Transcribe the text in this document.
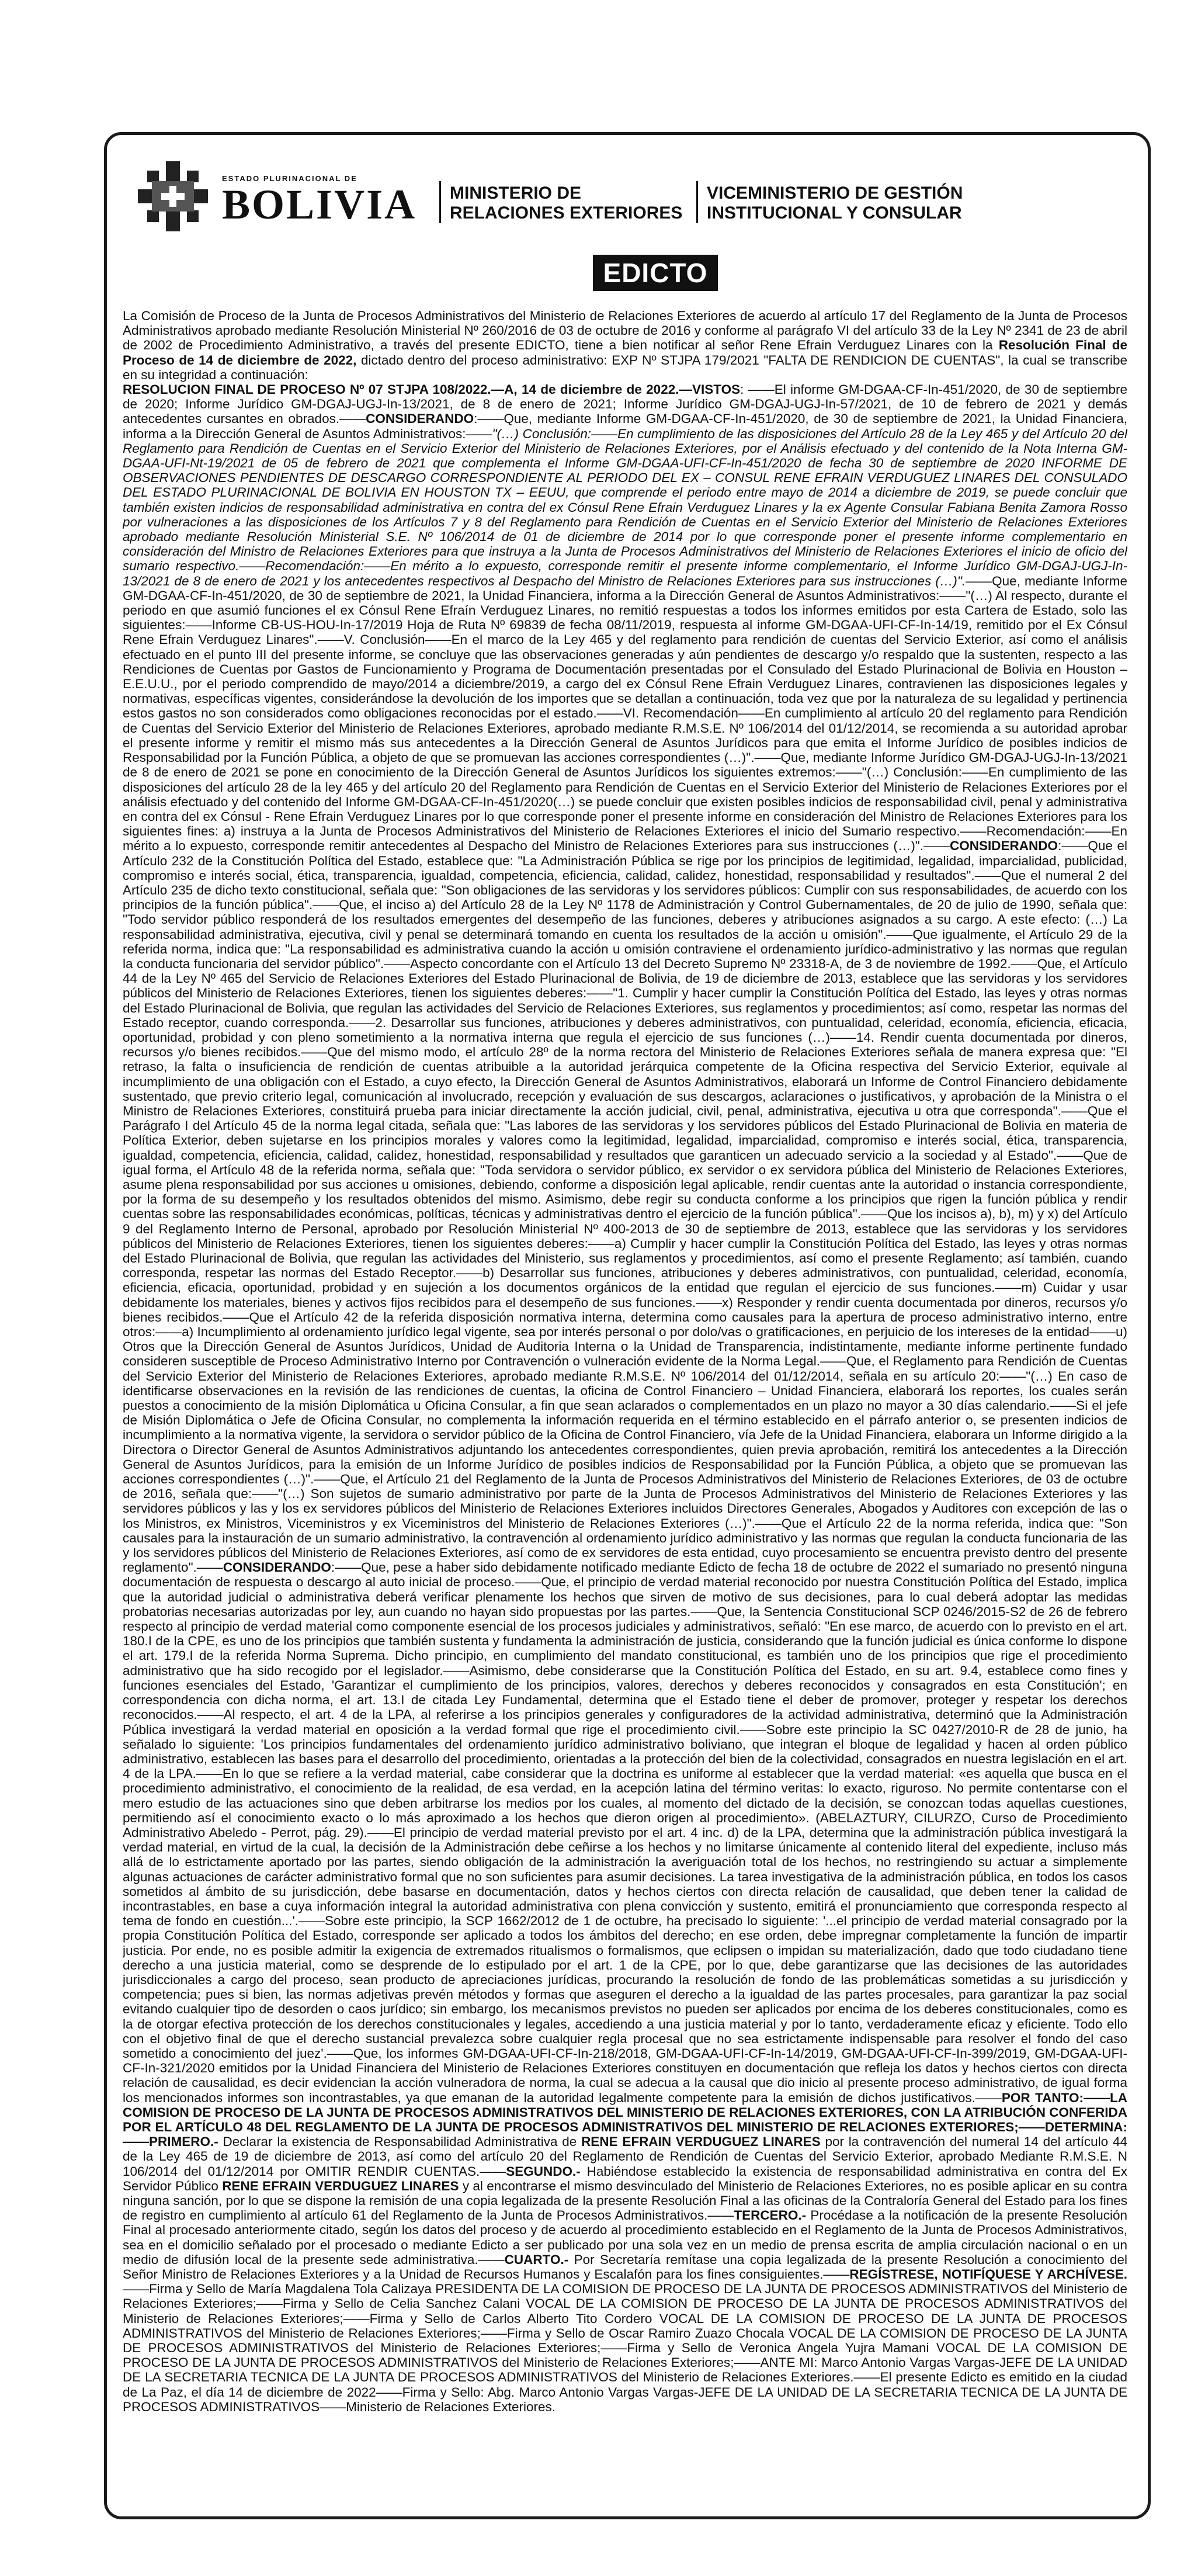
ESTADO PLURINACIONAL DE
BOLIVIA MINISTERIO DE
RELACIONES EXTERIORES
VICEMINISTERIO DE GESTIÓN
INSTITUCIONAL Y CONSULAR
EDICTO

La Comisión de Proceso de la Junta de Procesos Administrativos del Ministerio de Relaciones Exteriores de acuerdo al artículo 17 del Reglamento de la Junta de Procesos Administrativos aprobado mediante Resolución Ministerial Nº 260/2016 de 03 de octubre de 2016 y conforme al parágrafo VI del artículo 33 de la Ley Nº 2341 de 23 de abril de 2002 de Procedimiento Administrativo, a través del presente EDICTO, tiene a bien notificar al señor Rene Efrain Verduguez Linares con la Resolución Final de Proceso de 14 de diciembre de 2022, dictado dentro del proceso administrativo: EXP Nº STJPA 179/2021 "FALTA DE RENDICION DE CUENTAS", la cual se transcribe en su integridad a continuación:
RESOLUCION FINAL DE PROCESO Nº 07 STJPA 108/2022.—A, 14 de diciembre de 2022.—VISTOS: ——El informe GM-DGAA-CF-In-451/2020, de 30 de septiembre de 2020; Informe Jurídico GM-DGAJ-UGJ-In-13/2021, de 8 de enero de 2021; Informe Jurídico GM-DGAJ-UGJ-In-57/2021, de 10 de febrero de 2021 y demás antecedentes cursantes en obrados.——CONSIDERANDO:——Que, mediante Informe GM-DGAA-CF-In-451/2020, de 30 de septiembre de 2021, la Unidad Financiera, informa a la Dirección General de Asuntos Administrativos:——"(…) Conclusión:——En cumplimiento de las disposiciones del Artículo 28 de la Ley 465 y del Artículo 20 del Reglamento para Rendición de Cuentas en el Servicio Exterior del Ministerio de Relaciones Exteriores, por el Análisis efectuado y del contenido de la Nota Interna GM-DGAA-UFI-Nt-19/2021 de 05 de febrero de 2021 que complementa el Informe GM-DGAA-UFI-CF-In-451/2020 de fecha 30 de septiembre de 2020 INFORME DE OBSERVACIONES PENDIENTES DE DESCARGO CORRESPONDIENTE AL PERIODO DEL EX – CONSUL RENE EFRAIN VERDUGUEZ LINARES DEL CONSULADO DEL ESTADO PLURINACIONAL DE BOLIVIA EN HOUSTON TX – EEUU, que comprende el periodo entre mayo de 2014 a diciembre de 2019, se puede concluir que también existen indicios de responsabilidad administrativa en contra del ex Cónsul Rene Efrain Verduguez Linares y la ex Agente Consular Fabiana Benita Zamora Rosso por vulneraciones a las disposiciones de los Artículos 7 y 8 del Reglamento para Rendición de Cuentas en el Servicio Exterior del Ministerio de Relaciones Exteriores aprobado mediante Resolución Ministerial S.E. Nº 106/2014 de 01 de diciembre de 2014 por lo que corresponde poner el presente informe complementario en consideración del Ministro de Relaciones Exteriores para que instruya a la Junta de Procesos Administrativos del Ministerio de Relaciones Exteriores el inicio de oficio del sumario respectivo.——Recomendación:——En mérito a lo expuesto, corresponde remitir el presente informe complementario, el Informe Jurídico GM-DGAJ-UGJ-In-13/2021 de 8 de enero de 2021 y los antecedentes respectivos al Despacho del Ministro de Relaciones Exteriores para sus instrucciones (…)".——Que, mediante Informe GM-DGAA-CF-In-451/2020, de 30 de septiembre de 2021, la Unidad Financiera, informa a la Dirección General de Asuntos Administrativos:——"(…) Al respecto, durante el periodo en que asumió funciones el ex Cónsul Rene Efraín Verduguez Linares, no remitió respuestas a todos los informes emitidos por esta Cartera de Estado, solo las siguientes:——Informe CB-US-HOU-In-17/2019 Hoja de Ruta Nº 69839 de fecha 08/11/2019, respuesta al informe GM-DGAA-UFI-CF-In-14/19, remitido por el Ex Cónsul Rene Efrain Verduguez Linares".——V. Conclusión——En el marco de la Ley 465 y del reglamento para rendición de cuentas del Servicio Exterior, así como el análisis efectuado en el punto III del presente informe, se concluye que las observaciones generadas y aún pendientes de descargo y/o respaldo que la sustenten, respecto a las Rendiciones de Cuentas por Gastos de Funcionamiento y Programa de Documentación presentadas por el Consulado del Estado Plurinacional de Bolivia en Houston – E.E.U.U., por el periodo comprendido de mayo/2014 a diciembre/2019, a cargo del ex Cónsul Rene Efrain Verduguez Linares, contravienen las disposiciones legales y normativas, específicas vigentes, considerándose la devolución de los importes que se detallan a continuación, toda vez que por la naturaleza de su legalidad y pertinencia estos gastos no son considerados como obligaciones reconocidas por el estado.——VI. Recomendación——En cumplimiento al artículo 20 del reglamento para Rendición de Cuentas del Servicio Exterior del Ministerio de Relaciones Exteriores, aprobado mediante R.M.S.E. Nº 106/2014 del 01/12/2014, se recomienda a su autoridad aprobar el presente informe y remitir el mismo más sus antecedentes a la Dirección General de Asuntos Jurídicos para que emita el Informe Jurídico de posibles indicios de Responsabilidad por la Función Pública, a objeto de que se promuevan las acciones correspondientes (…)".——Que, mediante Informe Jurídico GM-DGAJ-UGJ-In-13/2021 de 8 de enero de 2021 se pone en conocimiento de la Dirección General de Asuntos Jurídicos los siguientes extremos:——"(…) Conclusión:——En cumplimiento de las disposiciones del artículo 28 de la ley 465 y del artículo 20 del Reglamento para Rendición de Cuentas en el Servicio Exterior del Ministerio de Relaciones Exteriores por el análisis efectuado y del contenido del Informe GM-DGAA-CF-In-451/2020(…) se puede concluir que existen posibles indicios de responsabilidad civil, penal y administrativa en contra del ex Cónsul - Rene Efrain Verduguez Linares por lo que corresponde poner el presente informe en consideración del Ministro de Relaciones Exteriores para los siguientes fines: a) instruya a la Junta de Procesos Administrativos del Ministerio de Relaciones Exteriores el inicio del Sumario respectivo.——Recomendación:——En mérito a lo expuesto, corresponde remitir antecedentes al Despacho del Ministro de Relaciones Exteriores para sus instrucciones (…)".——CONSIDERANDO:——Que el Artículo 232 de la Constitución Política del Estado, establece que: "La Administración Pública se rige por los principios de legitimidad, legalidad, imparcialidad, publicidad, compromiso e interés social, ética, transparencia, igualdad, competencia, eficiencia, calidad, calidez, honestidad, responsabilidad y resultados".——Que el numeral 2 del Artículo 235 de dicho texto constitucional, señala que: "Son obligaciones de las servidoras y los servidores públicos: Cumplir con sus responsabilidades, de acuerdo con los principios de la función pública".——Que, el inciso a) del Artículo 28 de la Ley Nº 1178 de Administración y Control Gubernamentales, de 20 de julio de 1990, señala que: "Todo servidor público responderá de los resultados emergentes del desempeño de las funciones, deberes y atribuciones asignados a su cargo. A este efecto: (…) La responsabilidad administrativa, ejecutiva, civil y penal se determinará tomando en cuenta los resultados de la acción u omisión".——Que igualmente, el Artículo 29 de la referida norma, indica que: "La responsabilidad es administrativa cuando la acción u omisión contraviene el ordenamiento jurídico-administrativo y las normas que regulan la conducta funcionaria del servidor público".——Aspecto concordante con el Artículo 13 del Decreto Supremo Nº 23318-A, de 3 de noviembre de 1992.——Que, el Artículo 44 de la Ley Nº 465 del Servicio de Relaciones Exteriores del Estado Plurinacional de Bolivia, de 19 de diciembre de 2013, establece que las servidoras y los servidores públicos del Ministerio de Relaciones Exteriores, tienen los siguientes deberes:——"1. Cumplir y hacer cumplir la Constitución Política del Estado, las leyes y otras normas del Estado Plurinacional de Bolivia, que regulan las actividades del Servicio de Relaciones Exteriores, sus reglamentos y procedimientos; así como, respetar las normas del Estado receptor, cuando corresponda.——2. Desarrollar sus funciones, atribuciones y deberes administrativos, con puntualidad, celeridad, economía, eficiencia, eficacia, oportunidad, probidad y con pleno sometimiento a la normativa interna que regula el ejercicio de sus funciones (…)——14. Rendir cuenta documentada por dineros, recursos y/o bienes recibidos.——Que del mismo modo, el artículo 28º de la norma rectora del Ministerio de Relaciones Exteriores señala de manera expresa que: "El retraso, la falta o insuficiencia de rendición de cuentas atribuible a la autoridad jerárquica competente de la Oficina respectiva del Servicio Exterior, equivale al incumplimiento de una obligación con el Estado, a cuyo efecto, la Dirección General de Asuntos Administrativos, elaborará un Informe de Control Financiero debidamente sustentado, que previo criterio legal, comunicación al involucrado, recepción y evaluación de sus descargos, aclaraciones o justificativos, y aprobación de la Ministra o el Ministro de Relaciones Exteriores, constituirá prueba para iniciar directamente la acción judicial, civil, penal, administrativa, ejecutiva u otra que corresponda".——Que el Parágrafo I del Artículo 45 de la norma legal citada, señala que: "Las labores de las servidoras y los servidores públicos del Estado Plurinacional de Bolivia en materia de Política Exterior, deben sujetarse en los principios morales y valores como la legitimidad, legalidad, imparcialidad, compromiso e interés social, ética, transparencia, igualdad, competencia, eficiencia, calidad, calidez, honestidad, responsabilidad y resultados que garanticen un adecuado servicio a la sociedad y al Estado".——Que de igual forma, el Artículo 48 de la referida norma, señala que: "Toda servidora o servidor público, ex servidor o ex servidora pública del Ministerio de Relaciones Exteriores, asume plena responsabilidad por sus acciones u omisiones, debiendo, conforme a disposición legal aplicable, rendir cuentas ante la autoridad o instancia correspondiente, por la forma de su desempeño y los resultados obtenidos del mismo. Asimismo, debe regir su conducta conforme a los principios que rigen la función pública y rendir cuentas sobre las responsabilidades económicas, políticas, técnicas y administrativas dentro el ejercicio de la función pública".——Que los incisos a), b), m) y x) del Artículo 9 del Reglamento Interno de Personal, aprobado por Resolución Ministerial Nº 400-2013 de 30 de septiembre de 2013, establece que las servidoras y los servidores públicos del Ministerio de Relaciones Exteriores, tienen los siguientes deberes:——a) Cumplir y hacer cumplir la Constitución Política del Estado, las leyes y otras normas del Estado Plurinacional de Bolivia, que regulan las actividades del Ministerio, sus reglamentos y procedimientos, así como el presente Reglamento; así también, cuando corresponda, respetar las normas del Estado Receptor.——b) Desarrollar sus funciones, atribuciones y deberes administrativos, con puntualidad, celeridad, economía, eficiencia, eficacia, oportunidad, probidad y en sujeción a los documentos orgánicos de la entidad que regulan el ejercicio de sus funciones.——m) Cuidar y usar debidamente los materiales, bienes y activos fijos recibidos para el desempeño de sus funciones.——x) Responder y rendir cuenta documentada por dineros, recursos y/o bienes recibidos.——Que el Artículo 42 de la referida disposición normativa interna, determina como causales para la apertura de proceso administrativo interno, entre otros:——a) Incumplimiento al ordenamiento jurídico legal vigente, sea por interés personal o por dolo/vas o gratificaciones, en perjuicio de los intereses de la entidad——u) Otros que la Dirección General de Asuntos Jurídicos, Unidad de Auditoria Interna o la Unidad de Transparencia, indistintamente, mediante informe pertinente fundado consideren susceptible de Proceso Administrativo Interno por Contravención o vulneración evidente de la Norma Legal.——Que, el Reglamento para Rendición de Cuentas del Servicio Exterior del Ministerio de Relaciones Exteriores, aprobado mediante R.M.S.E. Nº 106/2014 del 01/12/2014, señala en su artículo 20:——"(…) En caso de identificarse observaciones en la revisión de las rendiciones de cuentas, la oficina de Control Financiero – Unidad Financiera, elaborará los reportes, los cuales serán puestos a conocimiento de la misión Diplomática u Oficina Consular, a fin que sean aclarados o complementados en un plazo no mayor a 30 días calendario.——Si el jefe de Misión Diplomática o Jefe de Oficina Consular, no complementa la información requerida en el término establecido en el párrafo anterior o, se presenten indicios de incumplimiento a la normativa vigente, la servidora o servidor público de la Oficina de Control Financiero, vía Jefe de la Unidad Financiera, elaborara un Informe dirigido a la Directora o Director General de Asuntos Administrativos adjuntando los antecedentes correspondientes, quien previa aprobación, remitirá los antecedentes a la Dirección General de Asuntos Jurídicos, para la emisión de un Informe Jurídico de posibles indicios de Responsabilidad por la Función Pública, a objeto que se promuevan las acciones correspondientes (…)".——Que, el Artículo 21 del Reglamento de la Junta de Procesos Administrativos del Ministerio de Relaciones Exteriores, de 03 de octubre de 2016, señala que:——"(…) Son sujetos de sumario administrativo por parte de la Junta de Procesos Administrativos del Ministerio de Relaciones Exteriores y las servidores públicos y las y los ex servidores públicos del Ministerio de Relaciones Exteriores incluidos Directores Generales, Abogados y Auditores con excepción de las o los Ministros, ex Ministros, Viceministros y ex Viceministros del Ministerio de Relaciones Exteriores (…)".——Que el Artículo 22 de la norma referida, indica que: "Son causales para la instauración de un sumario administrativo, la contravención al ordenamiento jurídico administrativo y las normas que regulan la conducta funcionaria de las y los servidores públicos del Ministerio de Relaciones Exteriores, así como de ex servidores de esta entidad, cuyo procesamiento se encuentra previsto dentro del presente reglamento".——CONSIDERANDO:——Que, pese a haber sido debidamente notificado mediante Edicto de fecha 18 de octubre de 2022 el sumariado no presentó ninguna documentación de respuesta o descargo al auto inicial de proceso.——Que, el principio de verdad material reconocido por nuestra Constitución Política del Estado, implica que la autoridad judicial o administrativa deberá verificar plenamente los hechos que sirven de motivo de sus decisiones, para lo cual deberá adoptar las medidas probatorias necesarias autorizadas por ley, aun cuando no hayan sido propuestas por las partes.——Que, la Sentencia Constitucional SCP 0246/2015-S2 de 26 de febrero respecto al principio de verdad material como componente esencial de los procesos judiciales y administrativos, señaló: "En ese marco, de acuerdo con lo previsto en el art. 180.I de la CPE, es uno de los principios que también sustenta y fundamenta la administración de justicia, considerando que la función judicial es única conforme lo dispone el art. 179.I de la referida Norma Suprema. Dicho principio, en cumplimiento del mandato constitucional, es también uno de los principios que rige el procedimiento administrativo que ha sido recogido por el legislador.——Asimismo, debe considerarse que la Constitución Política del Estado, en su art. 9.4, establece como fines y funciones esenciales del Estado, 'Garantizar el cumplimiento de los principios, valores, derechos y deberes reconocidos y consagrados en esta Constitución'; en correspondencia con dicha norma, el art. 13.I de citada Ley Fundamental, determina que el Estado tiene el deber de promover, proteger y respetar los derechos reconocidos.——Al respecto, el art. 4 de la LPA, al referirse a los principios generales y configuradores de la actividad administrativa, determinó que la Administración Pública investigará la verdad material en oposición a la verdad formal que rige el procedimiento civil.——Sobre este principio la SC 0427/2010-R de 28 de junio, ha señalado lo siguiente: 'Los principios fundamentales del ordenamiento jurídico administrativo boliviano, que integran el bloque de legalidad y hacen al orden público administrativo, establecen las bases para el desarrollo del procedimiento, orientadas a la protección del bien de la colectividad, consagrados en nuestra legislación en el art. 4 de la LPA.——En lo que se refiere a la verdad material, cabe considerar que la doctrina es uniforme al establecer que la verdad material: «es aquella que busca en el procedimiento administrativo, el conocimiento de la realidad, de esa verdad, en la acepción latina del término veritas: lo exacto, riguroso. No permite contentarse con el mero estudio de las actuaciones sino que deben arbitrarse los medios por los cuales, al momento del dictado de la decisión, se conozcan todas aquellas cuestiones, permitiendo así el conocimiento exacto o lo más aproximado a los hechos que dieron origen al procedimiento». (ABELAZTURY, CILURZO, Curso de Procedimiento Administrativo Abeledo - Perrot, pág. 29).——El principio de verdad material previsto por el art. 4 inc. d) de la LPA, determina que la administración pública investigará la verdad material, en virtud de la cual, la decisión de la Administración debe ceñirse a los hechos y no limitarse únicamente al contenido literal del expediente, incluso más allá de lo estrictamente aportado por las partes, siendo obligación de la administración la averiguación total de los hechos, no restringiendo su actuar a simplemente algunas actuaciones de carácter administrativo formal que no son suficientes para asumir decisiones. La tarea investigativa de la administración pública, en todos los casos sometidos al ámbito de su jurisdicción, debe basarse en documentación, datos y hechos ciertos con directa relación de causalidad, que deben tener la calidad de incontrastables, en base a cuya información integral la autoridad administrativa con plena convicción y sustento, emitirá el pronunciamiento que corresponda respecto al tema de fondo en cuestión...'.——Sobre este principio, la SCP 1662/2012 de 1 de octubre, ha precisado lo siguiente: '...el principio de verdad material consagrado por la propia Constitución Política del Estado, corresponde ser aplicado a todos los ámbitos del derecho; en ese orden, debe impregnar completamente la función de impartir justicia. Por ende, no es posible admitir la exigencia de extremados ritualismos o formalismos, que eclipsen o impidan su materialización, dado que todo ciudadano tiene derecho a una justicia material, como se desprende de lo estipulado por el art. 1 de la CPE, por lo que, debe garantizarse que las decisiones de las autoridades jurisdiccionales a cargo del proceso, sean producto de apreciaciones jurídicas, procurando la resolución de fondo de las problemáticas sometidas a su jurisdicción y competencia; pues si bien, las normas adjetivas prevén métodos y formas que aseguren el derecho a la igualdad de las partes procesales, para garantizar la paz social evitando cualquier tipo de desorden o caos jurídico; sin embargo, los mecanismos previstos no pueden ser aplicados por encima de los deberes constitucionales, como es la de otorgar efectiva protección de los derechos constitucionales y legales, accediendo a una justicia material y por lo tanto, verdaderamente eficaz y eficiente. Todo ello con el objetivo final de que el derecho sustancial prevalezca sobre cualquier regla procesal que no sea estrictamente indispensable para resolver el fondo del caso sometido a conocimiento del juez'.——Que, los informes GM-DGAA-UFI-CF-In-218/2018, GM-DGAA-UFI-CF-In-14/2019, GM-DGAA-UFI-CF-In-399/2019, GM-DGAA-UFI-CF-In-321/2020 emitidos por la Unidad Financiera del Ministerio de Relaciones Exteriores constituyen en documentación que refleja los datos y hechos ciertos con directa relación de causalidad, es decir evidencian la acción vulneradora de norma, la cual se adecua a la causal que dio inicio al presente proceso administrativo, de igual forma los mencionados informes son incontrastables, ya que emanan de la autoridad legalmente competente para la emisión de dichos justificativos.——POR TANTO:——LA COMISION DE PROCESO DE LA JUNTA DE PROCESOS ADMINISTRATIVOS DEL MINISTERIO DE RELACIONES EXTERIORES, CON LA ATRIBUCIÓN CONFERIDA POR EL ARTÍCULO 48 DEL REGLAMENTO DE LA JUNTA DE PROCESOS ADMINISTRATIVOS DEL MINISTERIO DE RELACIONES EXTERIORES;——DETERMINA:——PRIMERO.- Declarar la existencia de Responsabilidad Administrativa de RENE EFRAIN VERDUGUEZ LINARES por la contravención del numeral 14 del artículo 44 de la Ley 465 de 19 de diciembre de 2013, así como del artículo 20 del Reglamento de Rendición de Cuentas del Servicio Exterior, aprobado Mediante R.M.S.E. N 106/2014 del 01/12/2014 por OMITIR RENDIR CUENTAS.——SEGUNDO.- Habiéndose establecido la existencia de responsabilidad administrativa en contra del Ex Servidor Público RENE EFRAIN VERDUGUEZ LINARES y al encontrarse el mismo desvinculado del Ministerio de Relaciones Exteriores, no es posible aplicar en su contra ninguna sanción, por lo que se dispone la remisión de una copia legalizada de la presente Resolución Final a las oficinas de la Contraloría General del Estado para los fines de registro en cumplimiento al artículo 61 del Reglamento de la Junta de Procesos Administrativos.——TERCERO.- Procédase a la notificación de la presente Resolución Final al procesado anteriormente citado, según los datos del proceso y de acuerdo al procedimiento establecido en el Reglamento de la Junta de Procesos Administrativos, sea en el domicilio señalado por el procesado o mediante Edicto a ser publicado por una sola vez en un medio de prensa escrita de amplia circulación nacional o en un medio de difusión local de la presente sede administrativa.——CUARTO.- Por Secretaría remítase una copia legalizada de la presente Resolución a conocimiento del Señor Ministro de Relaciones Exteriores y a la Unidad de Recursos Humanos y Escalafón para los fines consiguientes.——REGÍSTRESE, NOTIFÍQUESE Y ARCHÍVESE.——Firma y Sello de María Magdalena Tola Calizaya PRESIDENTA DE LA COMISION DE PROCESO DE LA JUNTA DE PROCESOS ADMINISTRATIVOS del Ministerio de Relaciones Exteriores;——Firma y Sello de Celia Sanchez Calani VOCAL DE LA COMISION DE PROCESO DE LA JUNTA DE PROCESOS ADMINISTRATIVOS del Ministerio de Relaciones Exteriores;——Firma y Sello de Carlos Alberto Tito Cordero VOCAL DE LA COMISION DE PROCESO DE LA JUNTA DE PROCESOS ADMINISTRATIVOS del Ministerio de Relaciones Exteriores;——Firma y Sello de Oscar Ramiro Zuazo Chocala VOCAL DE LA COMISION DE PROCESO DE LA JUNTA DE PROCESOS ADMINISTRATIVOS del Ministerio de Relaciones Exteriores;——Firma y Sello de Veronica Angela Yujra Mamani VOCAL DE LA COMISION DE PROCESO DE LA JUNTA DE PROCESOS ADMINISTRATIVOS del Ministerio de Relaciones Exteriores;——ANTE MI: Marco Antonio Vargas Vargas-JEFE DE LA UNIDAD DE LA SECRETARIA TECNICA DE LA JUNTA DE PROCESOS ADMINISTRATIVOS del Ministerio de Relaciones Exteriores.——El presente Edicto es emitido en la ciudad de La Paz, el día 14 de diciembre de 2022——Firma y Sello: Abg. Marco Antonio Vargas Vargas-JEFE DE LA UNIDAD DE LA SECRETARIA TECNICA DE LA JUNTA DE PROCESOS ADMINISTRATIVOS——Ministerio de Relaciones Exteriores.
